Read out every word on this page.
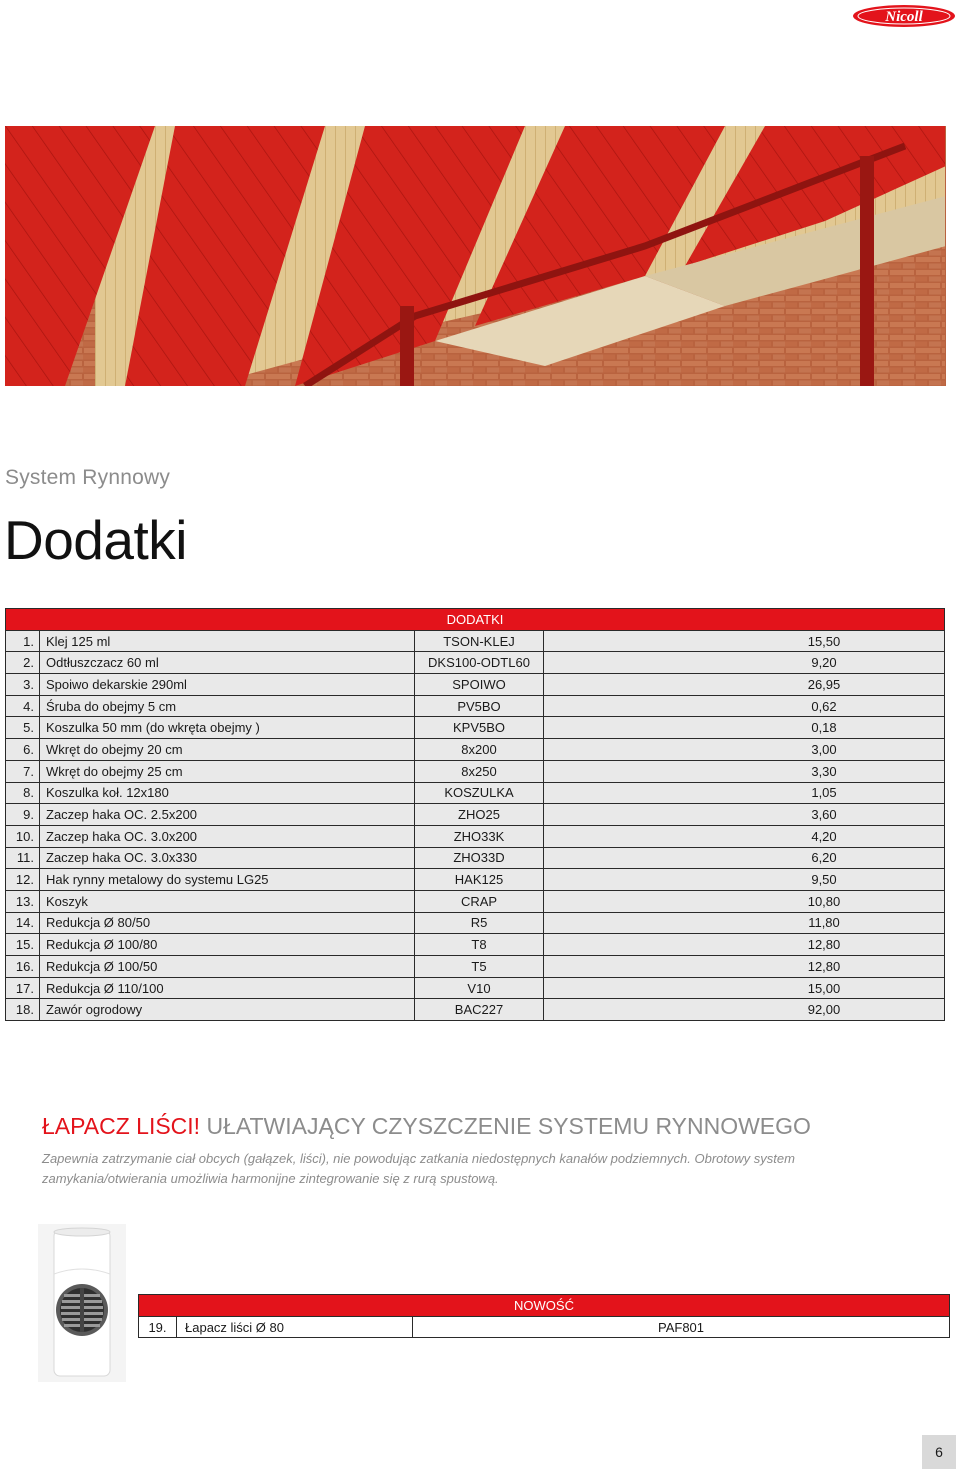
Nicoll
System Rynnowy
Dodatki
DODATKI			
1.	Klej 125 ml	TSON-KLEJ	15,50
2.	Odtłuszczacz 60 ml	DKS100-ODTL60	9,20
3.	Spoiwo dekarskie 290ml	SPOIWO	26,95
4.	Śruba do obejmy 5 cm	PV5BO	0,62
5.	Koszulka 50 mm (do wkręta obejmy )	KPV5BO	0,18
6.	Wkręt do obejmy 20 cm	8x200	3,00
7.	Wkręt do obejmy 25 cm	8x250	3,30
8.	Koszulka koł. 12x180	KOSZULKA	1,05
9.	Zaczep haka OC. 2.5x200	ZHO25	3,60
10.	Zaczep haka OC. 3.0x200	ZHO33K	4,20
11.	Zaczep haka OC. 3.0x330	ZHO33D	6,20
12.	Hak rynny metalowy do systemu LG25	HAK125	9,50
13.	Koszyk	CRAP	10,80
14.	Redukcja Ø 80/50	R5	11,80
15.	Redukcja Ø 100/80	T8	12,80
16.	Redukcja Ø 100/50	T5	12,80
17.	Redukcja Ø 110/100	V10	15,00
18.	Zawór ogrodowy	BAC227	92,00
ŁAPACZ LIŚCI! UŁATWIAJĄCY CZYSZCZENIE SYSTEMU RYNNOWEGO
Zapewnia zatrzymanie ciał obcych (gałązek, liści), nie powodując zatkania niedostępnych kanałów podziemnych. Obrotowy system zamykania/otwierania umożliwia harmonijne zintegrowanie się z rurą spustową.
NOWOŚĆ
19.	Łapacz liści Ø 80	PAF801
6
